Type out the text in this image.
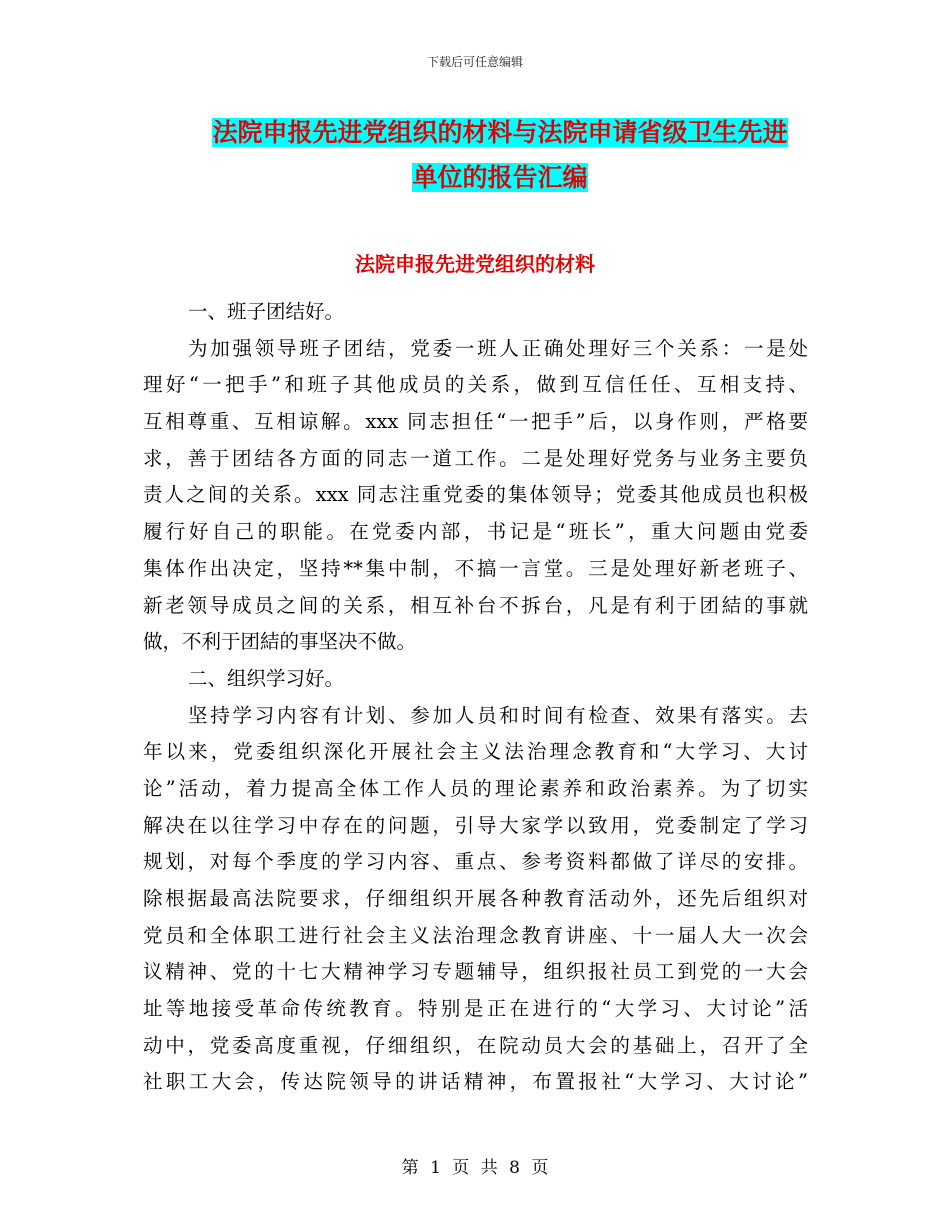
下载后可任意编辑
法院申报先进党组织的材料与法院申请省级卫生先进
单位的报告汇编
法院申报先进党组织的材料
一、班子团结好。
为加强领导班子团结，党委一班人正确处理好三个关系：一是处
理好“一把手”和班子其他成员的关系，做到互信任任、互相支持、
互相尊重、互相谅解。xxx 同志担任“一把手”后，以身作则，严格要
求，善于团结各方面的同志一道工作。二是处理好党务与业务主要负
责人之间的关系。xxx 同志注重党委的集体领导；党委其他成员也积极
履行好自己的职能。在党委内部，书记是“班长”，重大问题由党委
集体作出决定，坚持**集中制，不搞一言堂。三是处理好新老班子、
新老领导成员之间的关系，相互补台不拆台，凡是有利于团結的事就
做，不利于团結的事坚决不做。
二、组织学习好。
坚持学习内容有计划、参加人员和时间有检查、效果有落实。去
年以来，党委组织深化开展社会主义法治理念教育和“大学习、大讨
论”活动，着力提高全体工作人员的理论素养和政治素养。为了切实
解决在以往学习中存在的问题，引导大家学以致用，党委制定了学习
规划，对每个季度的学习内容、重点、参考资料都做了详尽的安排。
除根据最高法院要求，仔细组织开展各种教育活动外，还先后组织对
党员和全体职工进行社会主义法治理念教育讲座、十一届人大一次会
议精神、党的十七大精神学习专题辅导，组织报社员工到党的一大会
址等地接受革命传统教育。特别是正在进行的“大学习、大讨论”活
动中，党委高度重视，仔细组织，在院动员大会的基础上，召开了全
社职工大会，传达院领导的讲话精神，布置报社“大学习、大讨论”
第 1 页 共 8 页
